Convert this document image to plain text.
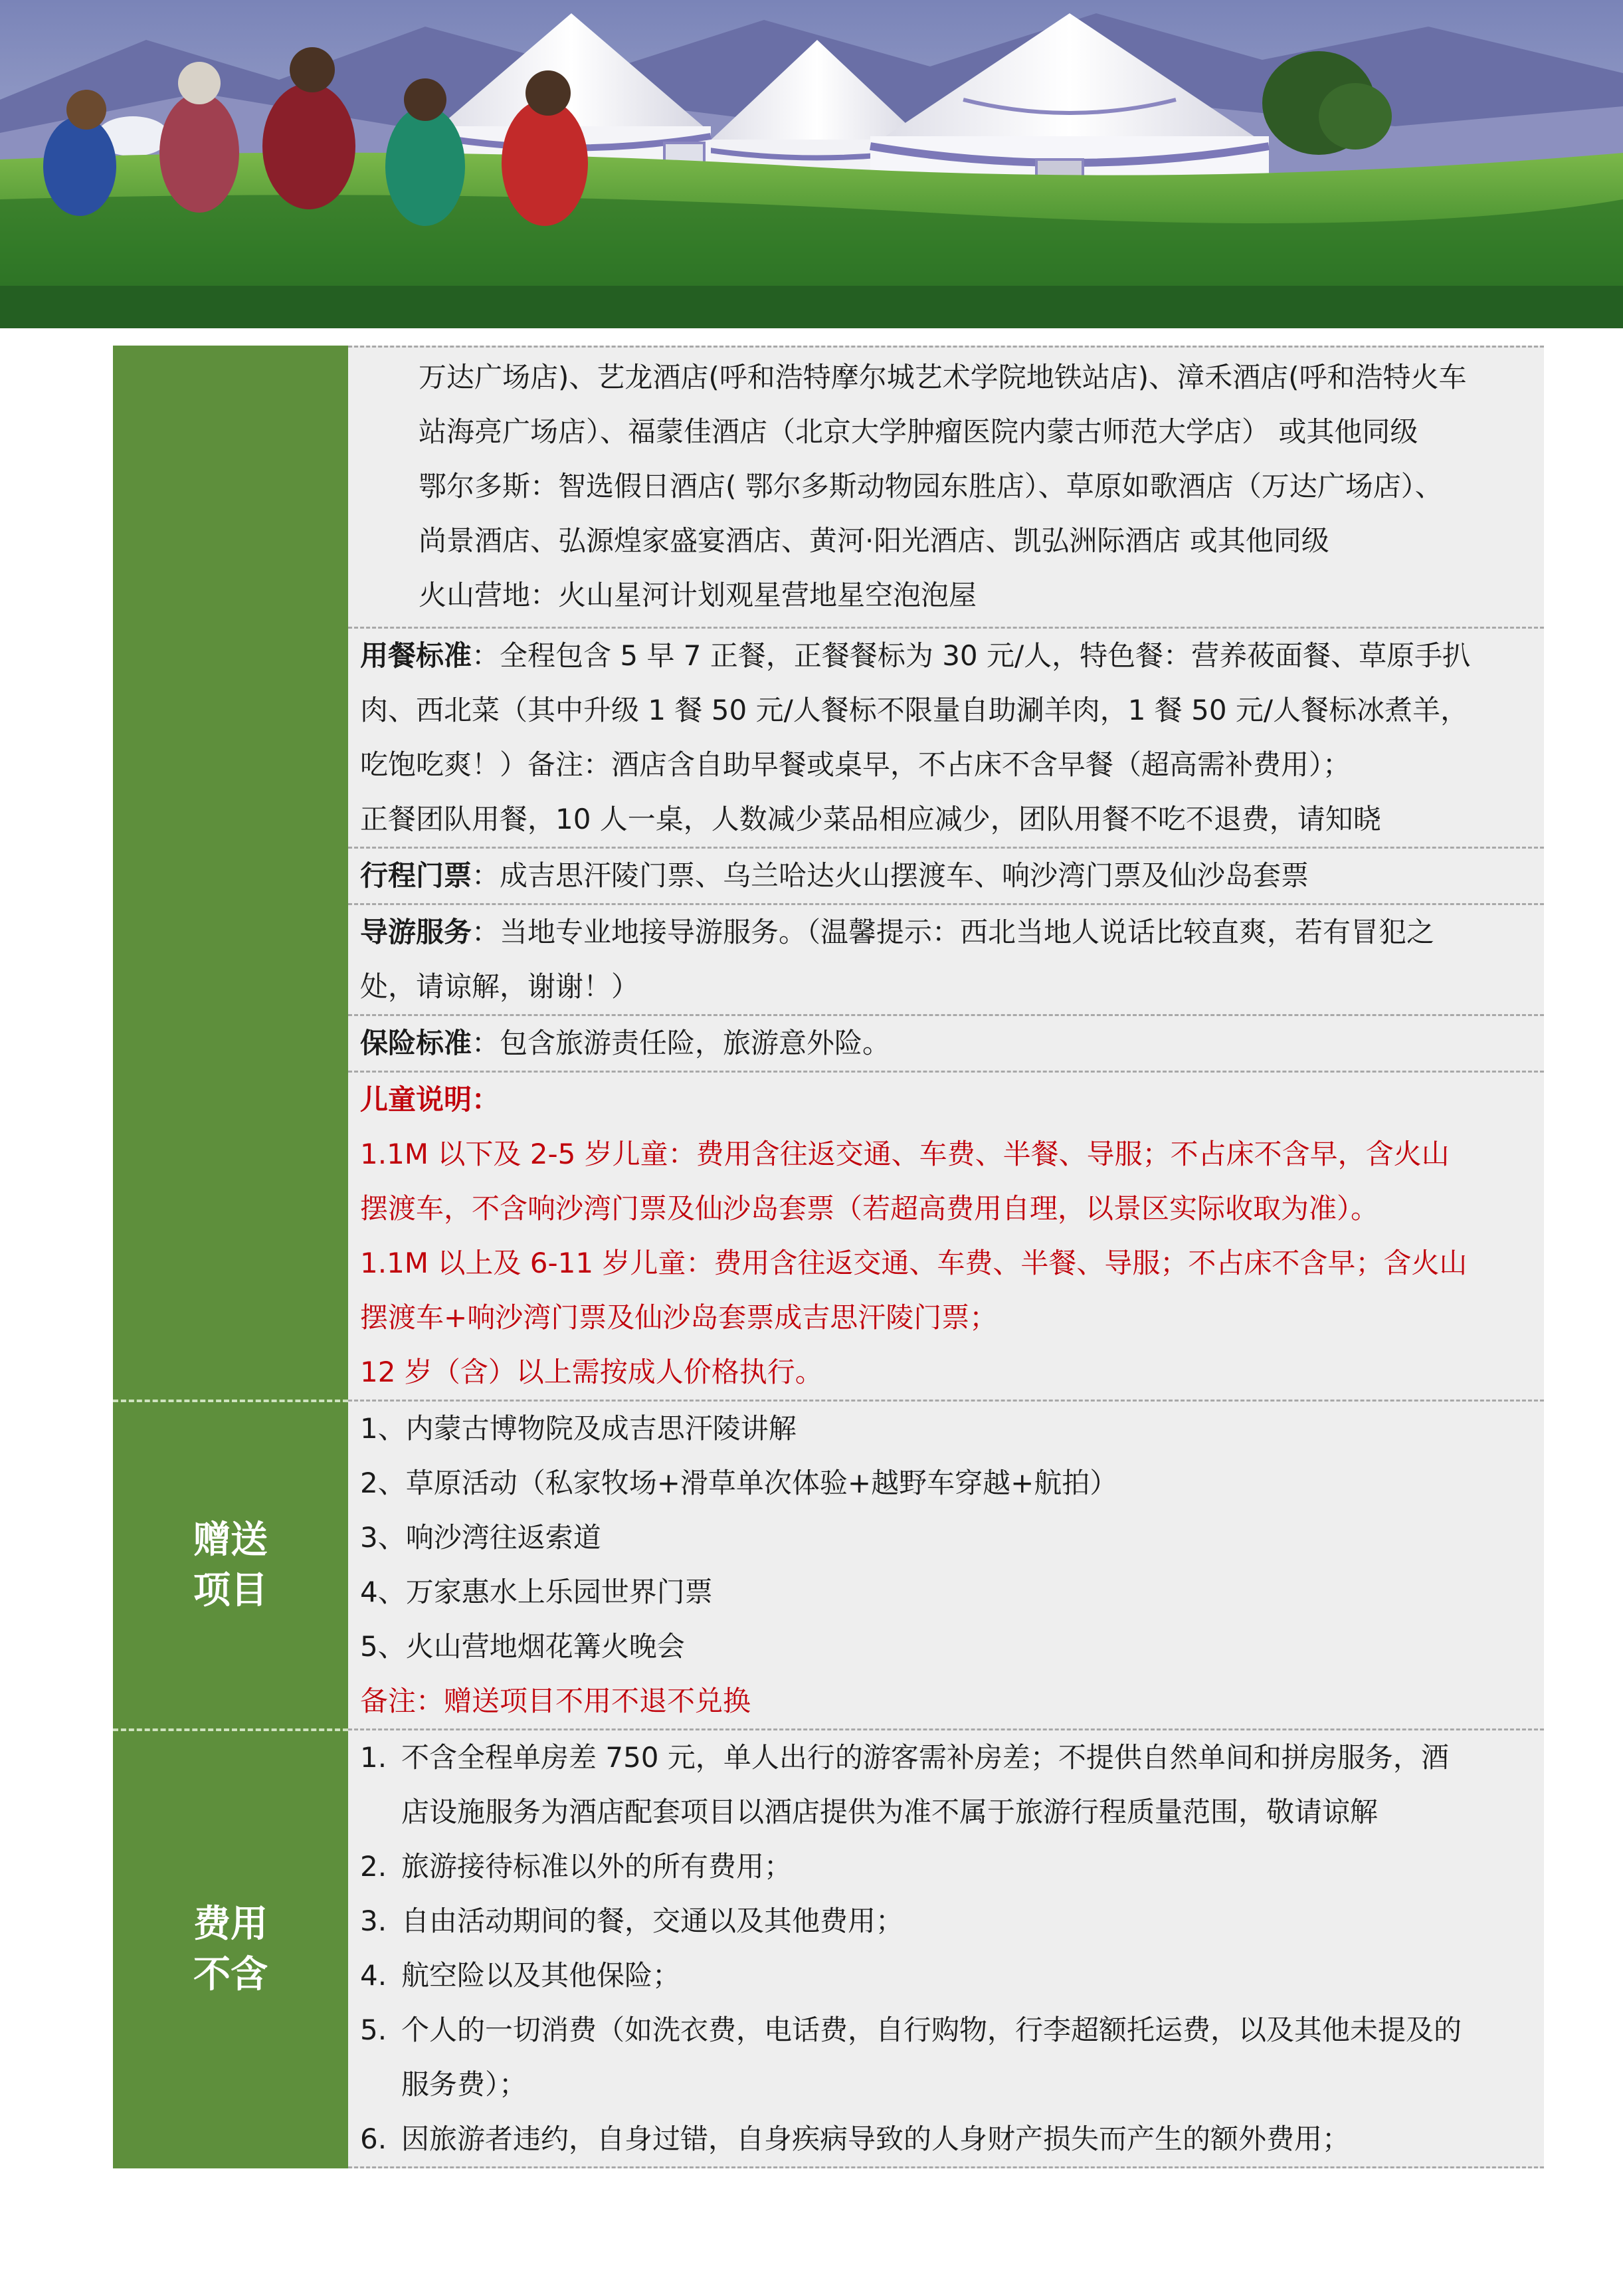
万达广场店)、艺龙酒店(呼和浩特摩尔城艺术学院地铁站店)、漳禾酒店(呼和浩特火车
站海亮广场店）、福蒙佳酒店（北京大学肿瘤医院内蒙古师范大学店） 或其他同级
鄂尔多斯：智选假日酒店( 鄂尔多斯动物园东胜店）、草原如歌酒店（万达广场店）、
尚景酒店、弘源煌家盛宴酒店、黄河·阳光酒店、凯弘洲际酒店 或其他同级
火山营地：火山星河计划观星营地星空泡泡屋
用餐标准：全程包含 5 早 7 正餐，正餐餐标为 30 元/人，特色餐：营养莜面餐、草原手扒
肉、西北菜（其中升级 1 餐 50 元/人餐标不限量自助涮羊肉，1 餐 50 元/人餐标冰煮羊，
吃饱吃爽！）备注：酒店含自助早餐或桌早，不占床不含早餐（超高需补费用）；
正餐团队用餐，10 人一桌，人数减少菜品相应减少，团队用餐不吃不退费，请知晓
行程门票：成吉思汗陵门票、乌兰哈达火山摆渡车、响沙湾门票及仙沙岛套票
导游服务：当地专业地接导游服务。（温馨提示：西北当地人说话比较直爽，若有冒犯之
处，请谅解，谢谢！）
保险标准：包含旅游责任险，旅游意外险。
儿童说明：
1.1M 以下及 2-5 岁儿童：费用含往返交通、车费、半餐、导服；不占床不含早，含火山
摆渡车，不含响沙湾门票及仙沙岛套票（若超高费用自理，以景区实际收取为准）。
1.1M 以上及 6-11 岁儿童：费用含往返交通、车费、半餐、导服；不占床不含早；含火山
摆渡车+响沙湾门票及仙沙岛套票成吉思汗陵门票；
12 岁（含）以上需按成人价格执行。
赠送
项目
1、内蒙古博物院及成吉思汗陵讲解
2、草原活动（私家牧场+滑草单次体验+越野车穿越+航拍）
3、响沙湾往返索道
4、万家惠水上乐园世界门票
5、火山营地烟花篝火晚会
备注：赠送项目不用不退不兑换
费用
不含
1. 不含全程单房差 750 元，单人出行的游客需补房差；不提供自然单间和拼房服务，酒
店设施服务为酒店配套项目以酒店提供为准不属于旅游行程质量范围，敬请谅解
2. 旅游接待标准以外的所有费用；
3. 自由活动期间的餐，交通以及其他费用；
4. 航空险以及其他保险；
5. 个人的一切消费（如洗衣费，电话费，自行购物，行李超额托运费，以及其他未提及的
服务费）；
6. 因旅游者违约，自身过错，自身疾病导致的人身财产损失而产生的额外费用；
